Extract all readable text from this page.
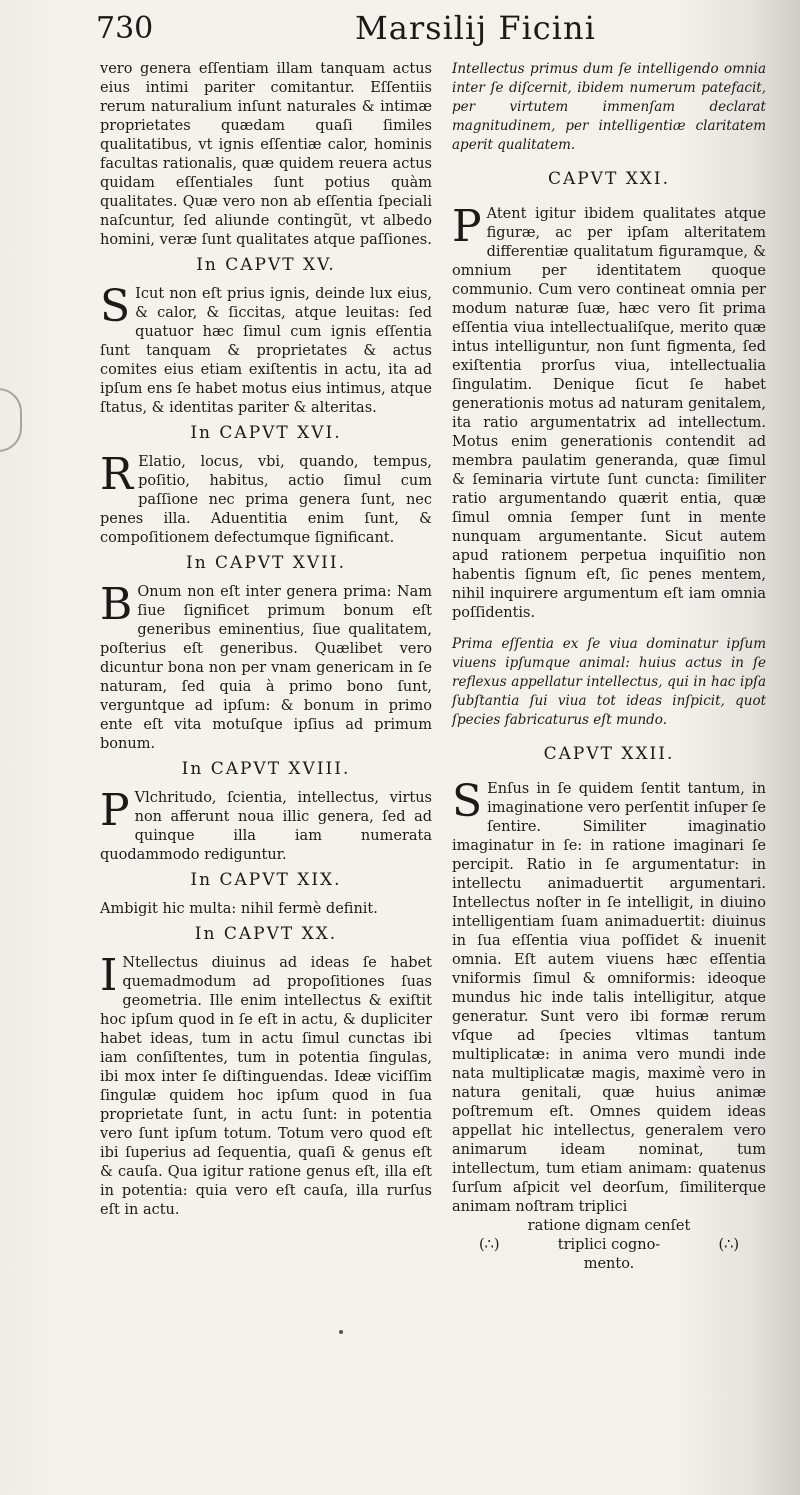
730	Marsilij Ficini

vero genera eſſentiam illam tanquam actus eius intimi pariter comitantur. Eſſentiis rerum naturalium inſunt naturales & intimæ proprietates quædam quaſi ſimiles qualitatibus, vt ignis eſſentiæ calor, hominis facultas rationalis, quæ quidem reuera actus quidam eſſentiales ſunt potius quàm qualitates. Quæ vero non ab eſſentia ſpeciali naſcuntur, ſed aliunde contingũt, vt albedo homini, veræ ſunt qualitates atque paſſiones.

In CAPVT XV.

S Icut non eſt prius ignis, deinde lux eius, & calor, & ſiccitas, atque leuitas: ſed quatuor hæc ſimul cum ignis eſſentia ſunt tanquam & proprietates & actus comites eius etiam exiſtentis in actu, ita ad ipſum ens ſe habet motus eius intimus, atque ſtatus, & identitas pariter & alteritas.

In CAPVT XVI.

R Elatio, locus, vbi, quando, tempus, poſitio, habitus, actio ſimul cum paſſione nec prima genera ſunt, nec penes illa. Aduentitia enim ſunt, & compoſitionem defectumque ſignificant.

In CAPVT XVII.

B Onum non eſt inter genera prima: Nam ſiue ſignificet primum bonum eſt generibus eminentius, ſiue qualitatem, poſterius eſt generibus. Quælibet vero dicuntur bona non per vnam genericam in ſe naturam, ſed quia à primo bono ſunt, verguntque ad ipſum: & bonum in primo ente eſt vita motuſque ipſius ad primum bonum.

In CAPVT XVIII.

P Vlchritudo, ſcientia, intellectus, virtus non afferunt noua illic genera, ſed ad quinque illa iam numerata quodammodo rediguntur.

In CAPVT XIX.

Ambigit hic multa: nihil fermè definit.

In CAPVT XX.

I Ntellectus diuinus ad ideas ſe habet quemadmodum ad propoſitiones ſuas geometria. Ille enim intellectus & exiſtit hoc ipſum quod in ſe eſt in actu, & dupliciter habet ideas, tum in actu ſimul cunctas ibi iam conſiſtentes, tum in potentia ſingulas, ibi mox inter ſe diſtinguendas. Ideæ viciſſim ſingulæ quidem hoc ipſum quod in ſua proprietate ſunt, in actu ſunt: in potentia vero ſunt ipſum totum. Totum vero quod eſt ibi ſuperius ad ſequentia, quaſi & genus eſt & cauſa. Qua igitur ratione genus eſt, illa eſt in potentia: quia vero eſt cauſa, illa rurſus eſt in actu.

Intellectus primus dum ſe intelligendo omnia inter ſe diſcernit, ibidem numerum patefacit, per virtutem immenſam declarat magnitudinem, per intelligentiæ claritatem aperit qualitatem.

CAPVT XXI.

P Atent igitur ibidem qualitates atque figuræ, ac per ipſam alteritatem differentiæ qualitatum figuramque, & omnium per identitatem quoque communio. Cum vero contineat omnia per modum naturæ ſuæ, hæc vero ſit prima eſſentia viua intellectualiſque, merito quæ intus intelliguntur, non ſunt figmenta, ſed exiſtentia prorſus viua, intellectualia ſingulatim. Denique ſicut ſe habet generationis motus ad naturam genitalem, ita ratio argumentatrix ad intellectum. Motus enim generationis contendit ad membra paulatim generanda, quæ ſimul & ſeminaria virtute ſunt cuncta: ſimiliter ratio argumentando quærit entia, quæ ſimul omnia ſemper ſunt in mente nunquam argumentante. Sicut autem apud rationem perpetua inquiſitio non habentis ſignum eſt, ſic penes mentem, nihil inquirere argumentum eſt iam omnia poſſidentis.

Prima eſſentia ex ſe viua dominatur ipſum viuens ipſumque animal: huius actus in ſe reflexus appellatur intellectus, qui in hac ipſa ſubſtantia ſui viua tot ideas inſpicit, quot ſpecies fabricaturus eſt mundo.

CAPVT XXII.

S Enſus in ſe quidem ſentit tantum, in imaginatione vero perſentit inſuper ſe ſentire. Similiter imaginatio imaginatur in ſe: in ratione imaginari ſe percipit. Ratio in ſe argumentatur: in intellectu animaduertit argumentari. Intellectus noſter in ſe intelligit, in diuino intelligentiam ſuam animaduertit: diuinus in ſua eſſentia viua poſſidet & inuenit omnia. Eſt autem viuens hæc eſſentia vniformis ſimul & omniformis: ideoque mundus hic inde talis intelligitur, atque generatur. Sunt vero ibi formæ rerum vſque ad ſpecies vltimas tantum multiplicatæ: in anima vero mundi inde nata multiplicatæ magis, maximè vero in natura genitali, quæ huius animæ poſtremum eſt. Omnes quidem ideas appellat hic intellectus, generalem vero animarum ideam nominat, tum intellectum, tum etiam animam: quatenus ſurſum aſpicit vel deorſum, ſimiliterque animam noſtram triplici

ratione dignam cenſet
(∴)	triplici cogno-	(∴)
mento.
